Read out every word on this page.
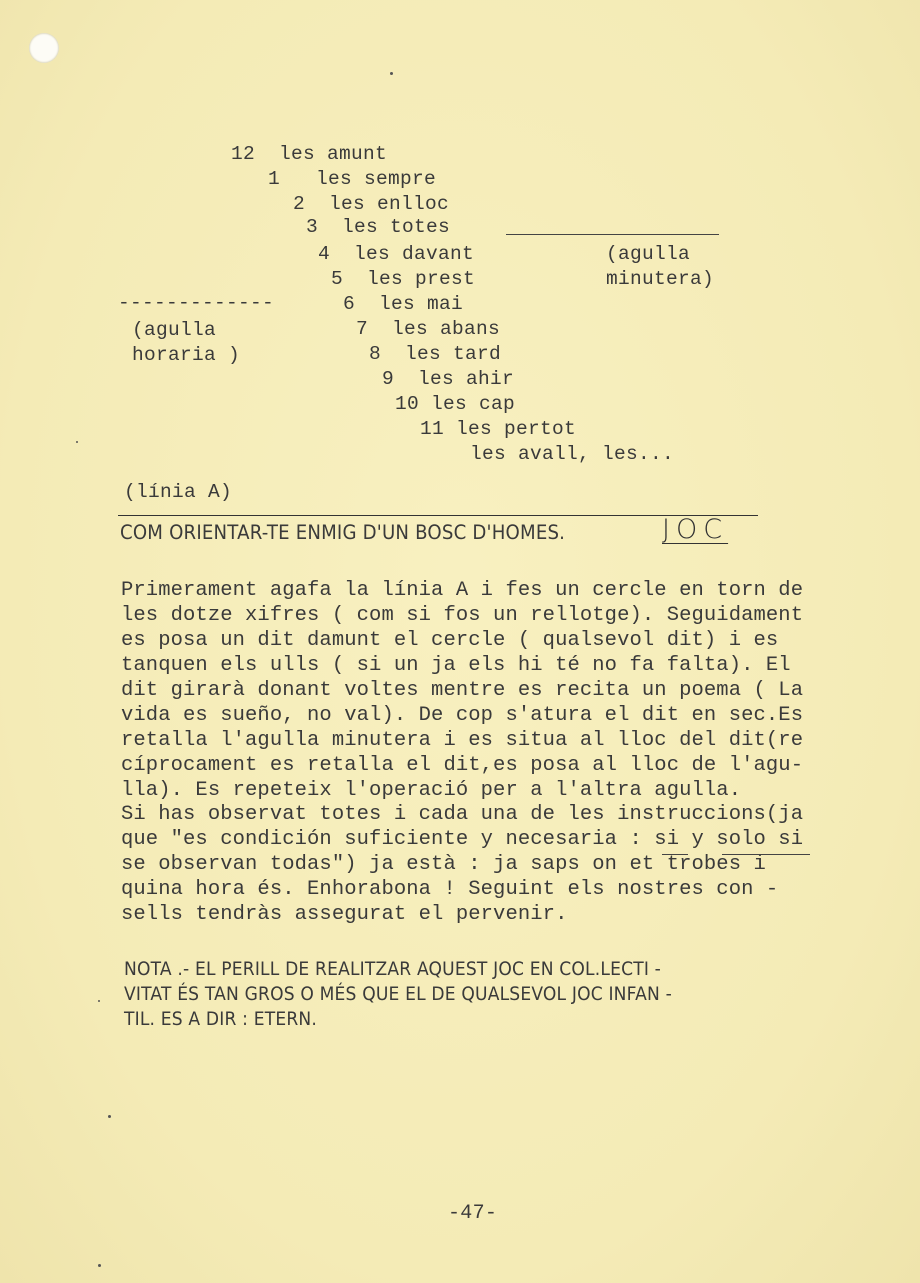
12  les amunt
1   les sempre
2  les enlloc
3  les totes
4  les davant
5  les prest
6  les mai
7  les abans
8  les tard
9  les ahir
10 les cap
11 les pertot
les avall, les...
(agulla
minutera)
-------------
(agulla
horaria )
(línia A)
COM ORIENTAR-TE ENMIG D'UN BOSC D'HOMES.	JOC
Primerament agafa la línia A i fes un cercle en torn de
les dotze xifres ( com si fos un rellotge). Seguidament
es posa un dit damunt el cercle ( qualsevol dit) i es
tanquen els ulls ( si un ja els hi té no fa falta). El
dit girarà donant voltes mentre es recita un poema ( La
vida es sueño, no val). De cop s'atura el dit en sec.Es
retalla l'agulla minutera i es situa al lloc del dit(re
cíprocament es retalla el dit,es posa al lloc de l'agu-
lla). Es repeteix l'operació per a l'altra agulla.
Si has observat totes i cada una de les instruccions(ja
que "es condición suficiente y necesaria : si y solo si
se observan todas") ja està : ja saps on et trobes i
quina hora és. Enhorabona ! Seguint els nostres con -
sells tendràs assegurat el pervenir.
NOTA .- EL PERILL DE REALITZAR AQUEST JOC EN COL.LECTI -
VITAT ÉS TAN GROS O MÉS QUE EL DE QUALSEVOL JOC INFAN -
TIL. ES A DIR : ETERN.
-47-
